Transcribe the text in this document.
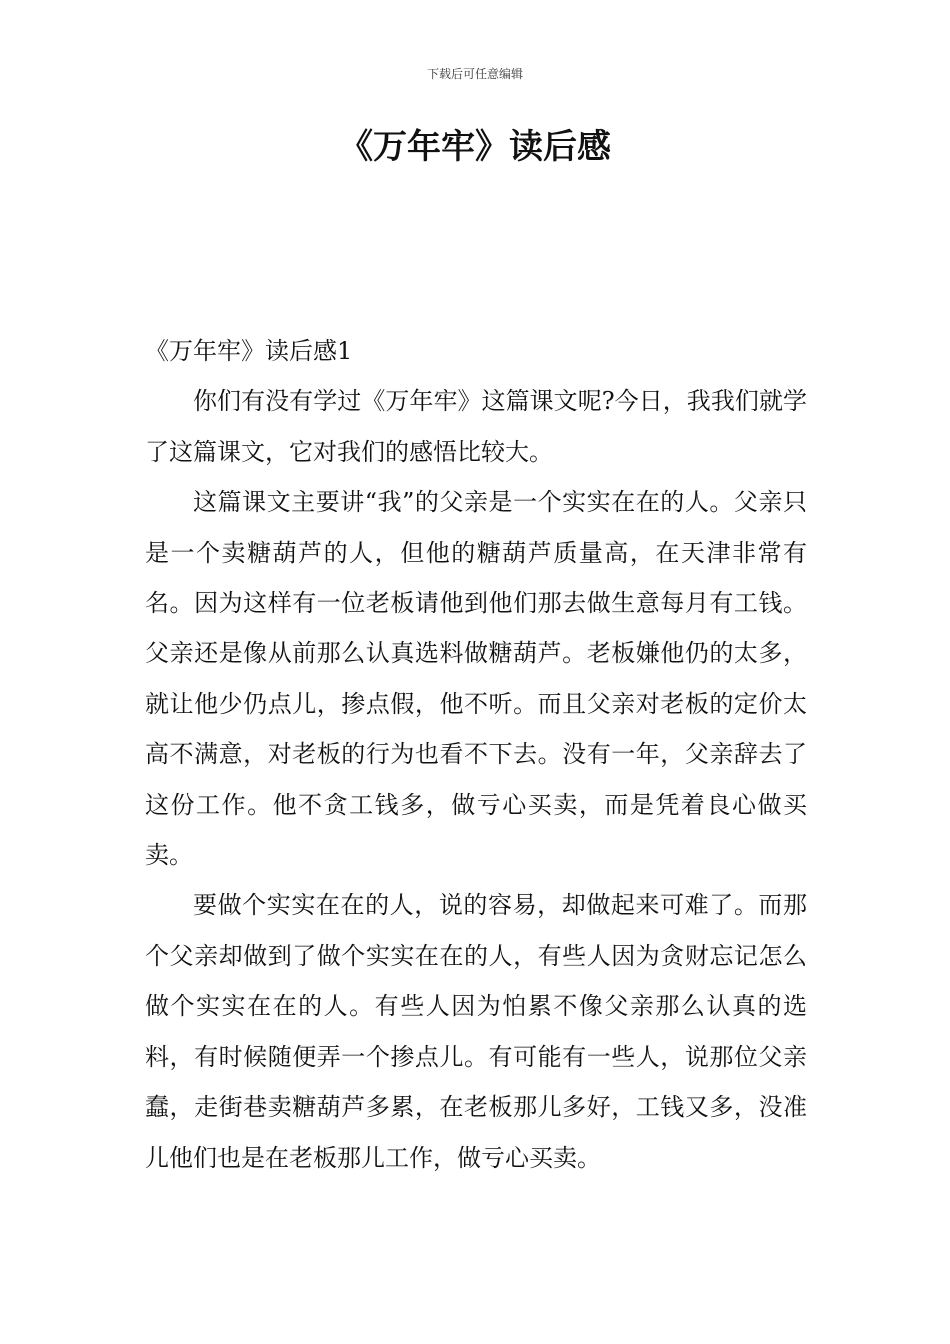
下载后可任意编辑
《万年牢》读后感

《万年牢》读后感1

你们有没有学过《万年牢》这篇课文呢?今日，我我们就学了这篇课文，它对我们的感悟比较大。

这篇课文主要讲“我”的父亲是一个实实在在的人。父亲只是一个卖糖葫芦的人，但他的糖葫芦质量高，在天津非常有名。因为这样有一位老板请他到他们那去做生意每月有工钱。父亲还是像从前那么认真选料做糖葫芦。老板嫌他仍的太多，就让他少仍点儿，掺点假，他不听。而且父亲对老板的定价太高不满意，对老板的行为也看不下去。没有一年，父亲辞去了这份工作。他不贪工钱多，做亏心买卖，而是凭着良心做买卖。

要做个实实在在的人，说的容易，却做起来可难了。而那个父亲却做到了做个实实在在的人，有些人因为贪财忘记怎么做个实实在在的人。有些人因为怕累不像父亲那么认真的选料，有时候随便弄一个掺点儿。有可能有一些人，说那位父亲蠢，走街巷卖糖葫芦多累，在老板那儿多好，工钱又多，没准儿他们也是在老板那儿工作，做亏心买卖。
